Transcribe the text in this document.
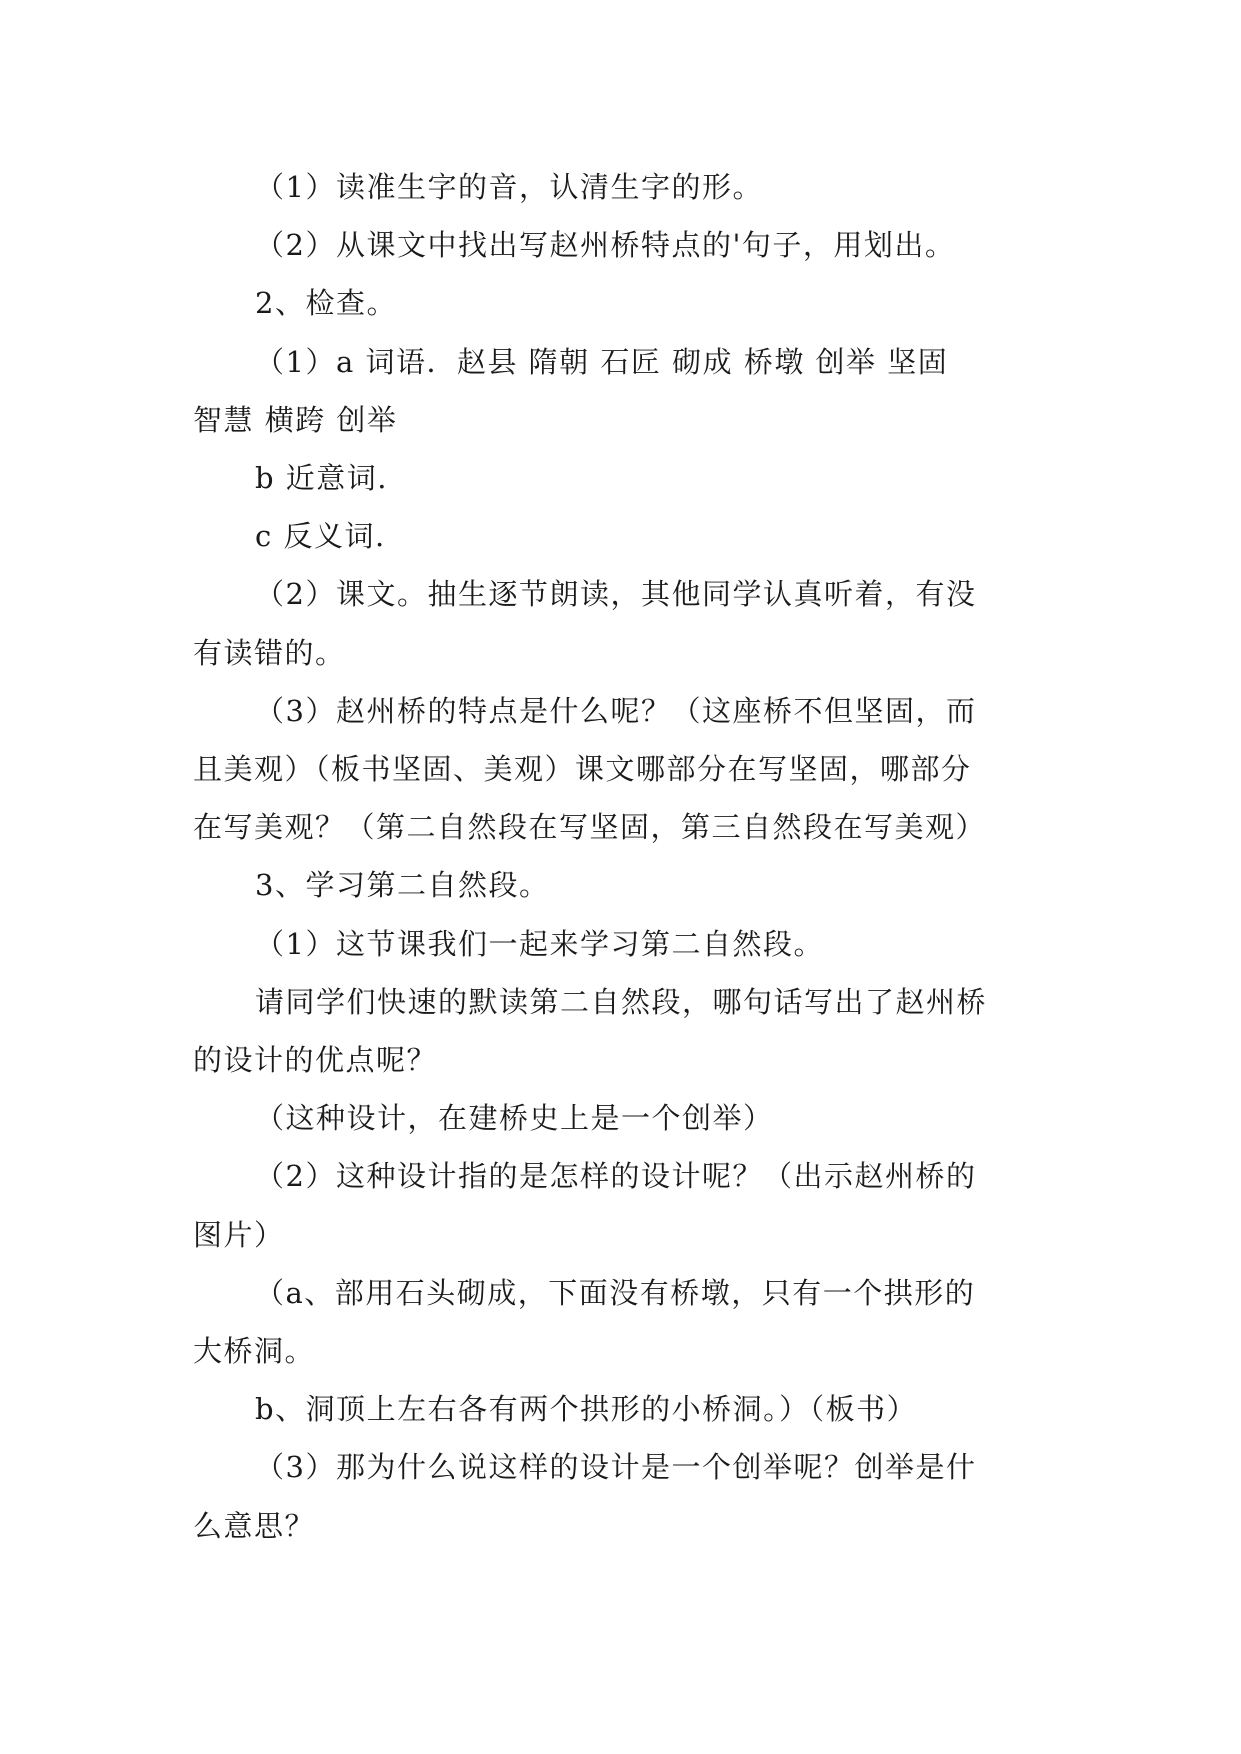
（1）读准生字的音，认清生字的形。

（2）从课文中找出写赵州桥特点的'句子，用划出。

2、检查。

（1）a 词语．赵县 隋朝 石匠 砌成 桥墩 创举 坚固

智慧 横跨 创举

b 近意词.

c 反义词.

（2）课文。抽生逐节朗读，其他同学认真听着，有没

有读错的。

（3）赵州桥的特点是什么呢？（这座桥不但坚固，而

且美观）（板书坚固、美观）课文哪部分在写坚固，哪部分

在写美观？（第二自然段在写坚固，第三自然段在写美观）

3、学习第二自然段。

（1）这节课我们一起来学习第二自然段。

请同学们快速的默读第二自然段，哪句话写出了赵州桥

的设计的优点呢？

（这种设计，在建桥史上是一个创举）

（2）这种设计指的是怎样的设计呢？（出示赵州桥的

图片）

（a、部用石头砌成，下面没有桥墩，只有一个拱形的

大桥洞。

b、洞顶上左右各有两个拱形的小桥洞。）（板书）

（3）那为什么说这样的设计是一个创举呢？创举是什

么意思？
